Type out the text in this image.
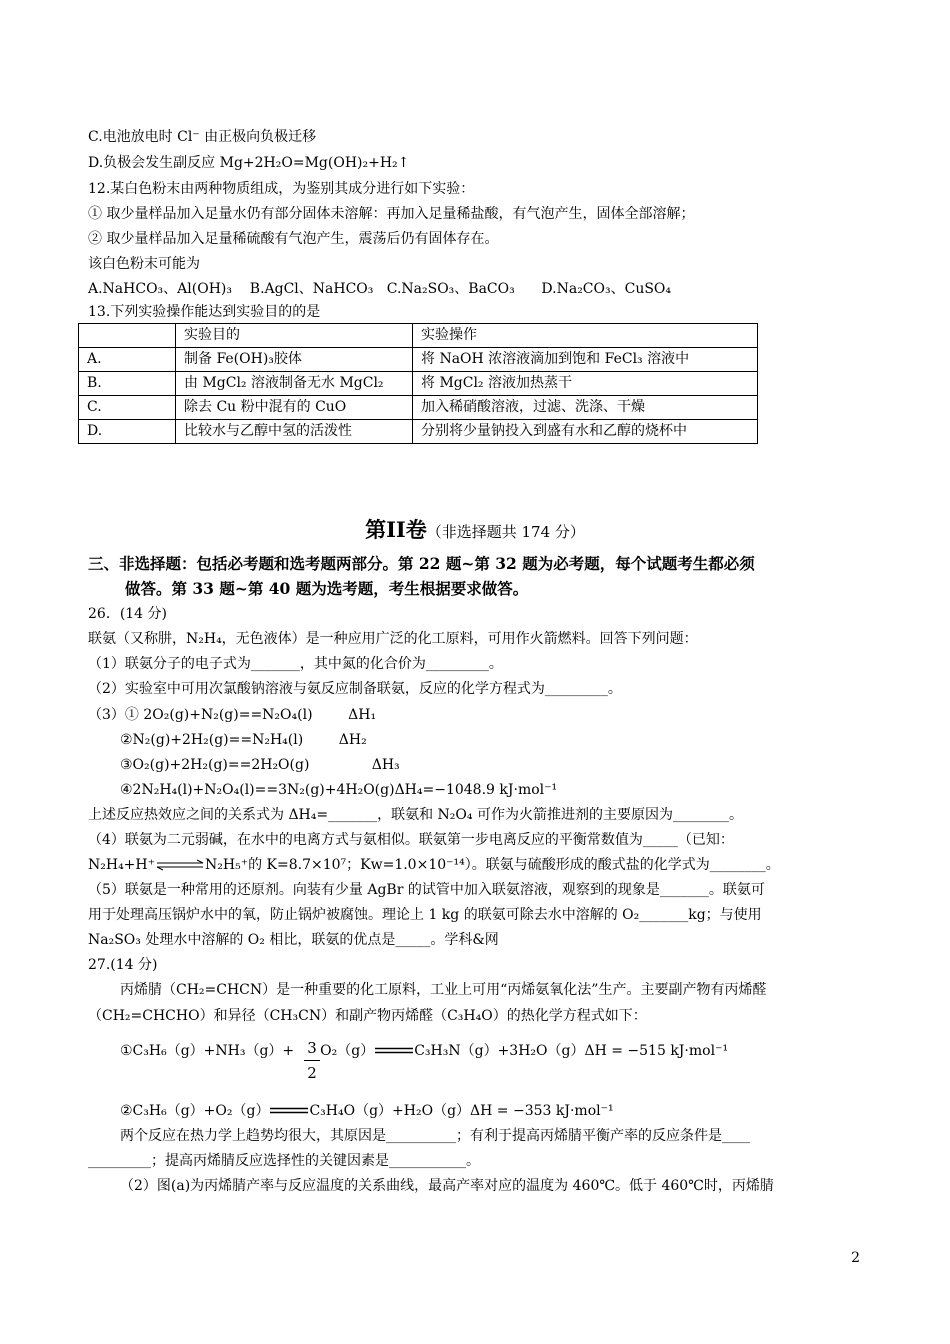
C.电池放电时 Cl⁻ 由正极向负极迁移
D.负极会发生副反应 Mg+2H₂O=Mg(OH)₂+H₂↑
12.某白色粉末由两种物质组成，为鉴别其成分进行如下实验：
① 取少量样品加入足量水仍有部分固体未溶解：再加入足量稀盐酸，有气泡产生，固体全部溶解；
② 取少量样品加入足量稀硫酸有气泡产生，震荡后仍有固体存在。
该白色粉末可能为
A.NaHCO₃、Al(OH)₃    B.AgCl、NaHCO₃   C.Na₂SO₃、BaCO₃      D.Na₂CO₃、CuSO₄
13.下列实验操作能达到实验目的的是
	实验目的	实验操作
A.	制备 Fe(OH)₃胶体	将 NaOH 浓溶液滴加到饱和 FeCl₃ 溶液中
B.	由 MgCl₂ 溶液制备无水 MgCl₂	将 MgCl₂ 溶液加热蒸干
C.	除去 Cu 粉中混有的 CuO	加入稀硝酸溶液，过滤、洗涤、干燥
D.	比较水与乙醇中氢的活泼性	分别将少量钠投入到盛有水和乙醇的烧杯中
第II卷（非选择题共 174 分）
三、非选择题：包括必考题和选考题两部分。第 22 题~第 32 题为必考题，每个试题考生都必须
做答。第 33 题~第 40 题为选考题，考生根据要求做答。
26．(14 分)
联氨（又称肼，N₂H₄，无色液体）是一种应用广泛的化工原料，可用作火箭燃料。回答下列问题：
（1）联氨分子的电子式为_______，其中氮的化合价为_________。
（2）实验室中可用次氯酸钠溶液与氨反应制备联氨，反应的化学方程式为_________。
（3）① 2O₂(g)+N₂(g)==N₂O₄(l)        ΔH₁
②N₂(g)+2H₂(g)==N₂H₄(l)        ΔH₂
③O₂(g)+2H₂(g)==2H₂O(g)              ΔH₃
④2N₂H₄(l)+N₂O₄(l)==3N₂(g)+4H₂O(g)ΔH₄=−1048.9 kJ·mol⁻¹
上述反应热效应之间的关系式为 ΔH₄=_______，联氨和 N₂O₄ 可作为火箭推进剂的主要原因为________。
（4）联氨为二元弱碱，在水中的电离方式与氨相似。联氨第一步电离反应的平衡常数值为_____（已知：
N₂H₄+H⁺⇌N₂H₅⁺的 K=8.7×10⁷；Kw=1.0×10⁻¹⁴）。联氨与硫酸形成的酸式盐的化学式为________。
（5）联氨是一种常用的还原剂。向装有少量 AgBr 的试管中加入联氨溶液，观察到的现象是_______。联氨可
用于处理高压锅炉水中的氧，防止锅炉被腐蚀。理论上 1 kg 的联氨可除去水中溶解的 O₂_______kg；与使用
Na₂SO₃ 处理水中溶解的 O₂ 相比，联氨的优点是_____。学科&网
27.(14 分)
丙烯腈（CH₂=CHCN）是一种重要的化工原料，工业上可用“丙烯氨氧化法”生产。主要副产物有丙烯醛
（CH₂=CHCHO）和异径（CH₃CN）和副产物丙烯醛（C₃H₄O）的热化学方程式如下：
①C₃H₆（g）+NH₃（g）+ O₂（g）	C₃H₃N（g）+3H₂O（g）ΔH = −515 kJ·mol⁻¹
3
2
②C₃H₆（g）+O₂（g）	C₃H₄O（g）+H₂O（g）ΔH = −353 kJ·mol⁻¹
两个反应在热力学上趋势均很大，其原因是__________；有利于提高丙烯腈平衡产率的反应条件是____
_________；提高丙烯腈反应选择性的关键因素是___________。
（2）图(a)为丙烯腈产率与反应温度的关系曲线，最高产率对应的温度为 460℃。低于 460℃时，丙烯腈
2
